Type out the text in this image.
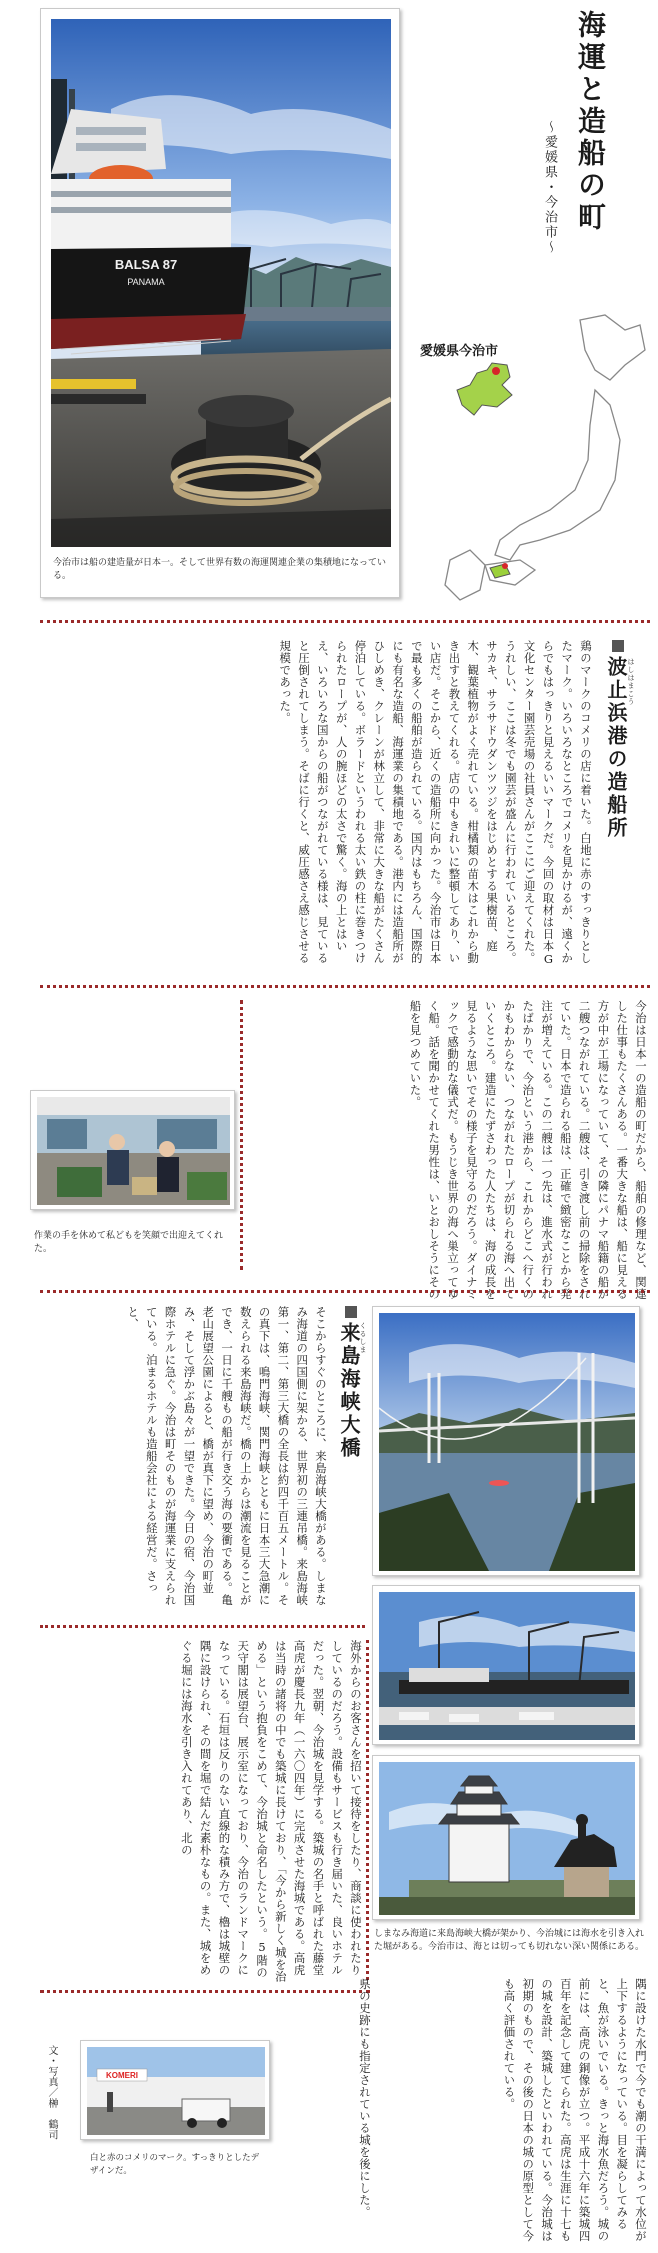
BALSA 87
PANAMA
今治市は船の建造量が日本一。そして世界有数の海運関連企業の集積地になっている。
海運と造船の町
〜愛媛県・今治市〜
愛媛県今治市
波止浜港の造船所 はしはまこう
鶏のマークのコメリの店に着いた。白地に赤のすっきりとしたマーク。いろいろなところでコメリを見かけるが、遠くからでもはっきりと見えるいいマークだ。今回の取材は日本G文化センター園芸売場の社員さんがここにご迎えてくれた。うれしい、ここは冬でも園芸が盛んに行われているところ。サカキ、サラサドウダンツツジをはじめとする果樹苗、庭木、観葉植物がよく売れている。柑橘類の苗木はこれから動き出すと教えてくれる。店の中もきれいに整頓してあり、いい店だ。そこから、近くの造船所に向かった。今治市は日本で最も多くの船舶が造られている。国内はもちろん、国際的にも有名な造船、海運業の集積地である。港内には造船所がひしめき、クレーンが林立して、非常に大きな船がたくさん停泊している。ボラードというわれる太い鉄の柱に巻きつけられたロープが、人の腕ほどの太さで驚く。海の上とはいえ、いろいろな国からの船がつながれている様は、見ていると圧倒されてしまう。そばに行くと、威圧感さえ感じさせる規模であった。
今治は日本一の造船の町だから、船舶の修理など、関連した仕事もたくさんある。一番大きな船は、船に見える方が中が工場になっていて、その隣にパナマ船籍の船が二艘つながれている。二艘は、引き渡し前の掃除をされていた。日本で造られる船は、正確で緻密なことから発注が増えている。この二艘は一つ先は、進水式が行われたばかりで、今治という港から、これからどこへ行くのかもわからない、つながれたロープが切られる海へ出ていくところ。建造にたずさわった人たちは、海の成長を見るような思いでその様子を見守るのだろう。ダイナミックで感動的な儀式だ。もうじき世界の海へ巣立ってゆく船。話を聞かせてくれた男性は、いとおしそうにその船を見つめていた。
作業の手を休めて私どもを笑顔で出迎えてくれた。
来島海峡大橋
くるしま
そこからすぐのところに、来島海峡大橋がある。しまなみ海道の四国側に架かる、世界初の三連吊橋。来島海峡第一、第二、第三大橋の全長は約四千百五メートル。その真下は、鳴門海峡、関門海峡とともに日本三大急潮に数えられる来島海峡だ。橋の上からは潮流を見ることができ、一日に千艘もの船が行き交う海の要衝である。亀老山展望公園によると、橋が真下に望め、今治の町並み、そして浮かぶ島々が一望できた。今日の宿、今治国際ホテルに急ぐ。今治は町そのものが海運業に支えられている。泊まるホテルも造船会社による経営だ。さっと、
海外からのお客さんを招いて接待をしたり、商談に使われたりしているのだろう。設備もサービスも行き届いた、良いホテルだった。翌朝、今治城を見学する。築城の名手と呼ばれた藤堂高虎が慶長九年（一六〇四年）に完成させた海城である。高虎は当時の諸将の中でも築城に長けており、「今から新しく城を治める」という抱負をこめて、今治城と命名したという。5階の天守閣は展望台、展示室になっており、今治のランドマークになっている。石垣は反りのない直線的な積み方で、櫓は城壁の隅に設けられ、その間を堀で結んだ素朴なもの。また、城をめぐる堀には海水を引き入れてあり、北の
しまなみ海道に来島海峡大橋が架かり、今治城には海水を引き入れた堀がある。今治市は、海とは切っても切れない深い関係にある。
隅に設けた水門で今でも潮の干満によって水位が上下するようになっている。目を凝らしてみると、魚が泳いでいる。きっと海水魚だろう。城の前には、高虎の銅像が立つ。平成十六年に築城四百年を記念して建てられた。高虎は生涯に十七もの城を設計、築城したといわれている。今治城は初期のもので、その後の日本の城の原型として今も高く評価されている。
県の史跡にも指定されている城を後にした。
KOMERI
白と赤のコメリのマーク。すっきりとしたデザインだ。
文・写真／榊　鶴司
